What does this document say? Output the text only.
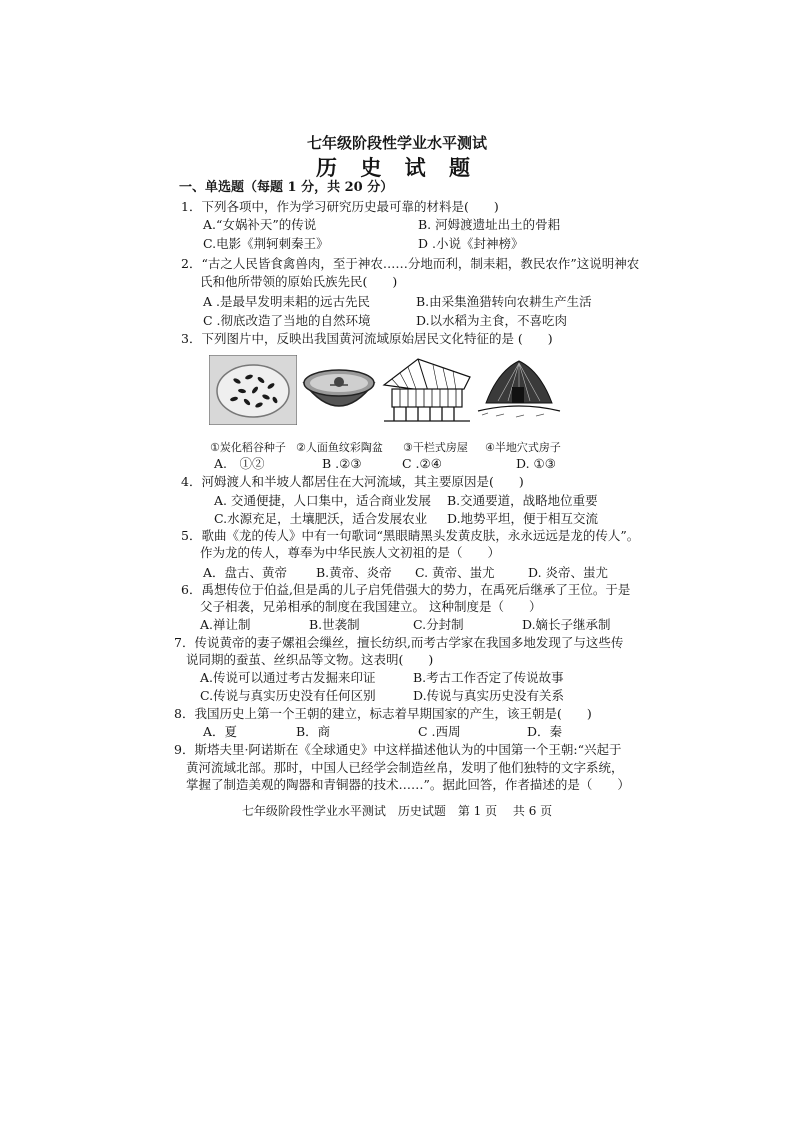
七年级阶段性学业水平测试
历 史 试 题
一、单选题（每题 1 分，共 20 分）
1．下列各项中，作为学习研究历史最可靠的材料是(　　)
A.“女娲补天”的传说	B. 河姆渡遗址出土的骨耜
C.电影《荆轲刺秦王》	D .小说《封神榜》
2．“古之人民皆食禽兽肉，至于神农……分地而利，制耒耜，教民农作”这说明神农
氏和他所带领的原始氏族先民(　　)
A .是最早发明耒耜的远古先民	B.由采集渔猎转向农耕生产生活
C .彻底改造了当地的自然环境	D.以水稻为主食，不喜吃肉
3．下列图片中，反映出我国黄河流域原始居民文化特征的是 (　　)
①炭化稻谷种子 ②人面鱼纹彩陶盆 ③干栏式房屋 ④半地穴式房子
A.　①②	B .②③	C .②④	D. ①③
4．河姆渡人和半坡人都居住在大河流域，其主要原因是(　　)
A. 交通便捷，人口集中，适合商业发展 B.交通要道，战略地位重要
C.水源充足，土壤肥沃，适合发展农业 D.地势平坦，便于相互交流
5．歌曲《龙的传人》中有一句歌词“黑眼睛黑头发黄皮肤，永永远远是龙的传人”。
作为龙的传人，尊奉为中华民族人文初祖的是（　　）
A．盘古、黄帝 B.黄帝、炎帝 C. 黄帝、蚩尤	D. 炎帝、蚩尤
6．禹想传位于伯益,但是禹的儿子启凭借强大的势力，在禹死后继承了王位。于是
父子相袭，兄弟相承的制度在我国建立。 这种制度是（　　）
A.禅让制	B.世袭制	C.分封制	D.嫡长子继承制
7．传说黄帝的妻子嫘祖会缫丝，擅长纺织,而考古学家在我国多地发现了与这些传
说同期的蚕茧、丝织品等文物。这表明(　　)
A.传说可以通过考古发掘来印证	B.考古工作否定了传说故事
C.传说与真实历史没有任何区别	D.传说与真实历史没有关系
8．我国历史上第一个王朝的建立，标志着早期国家的产生，该王朝是(　　)
A．夏	B．商	C .西周	D．秦
9．斯塔夫里·阿诺斯在《全球通史》中这样描述他认为的中国第一个王朝:“兴起于
黄河流域北部。那时，中国人已经学会制造丝帛，发明了他们独特的文字系统，
掌握了制造美观的陶器和青铜器的技术……”。据此回答，作者描述的是（　　）
七年级阶段性学业水平测试　历史试题　第 1 页　 共 6 页
